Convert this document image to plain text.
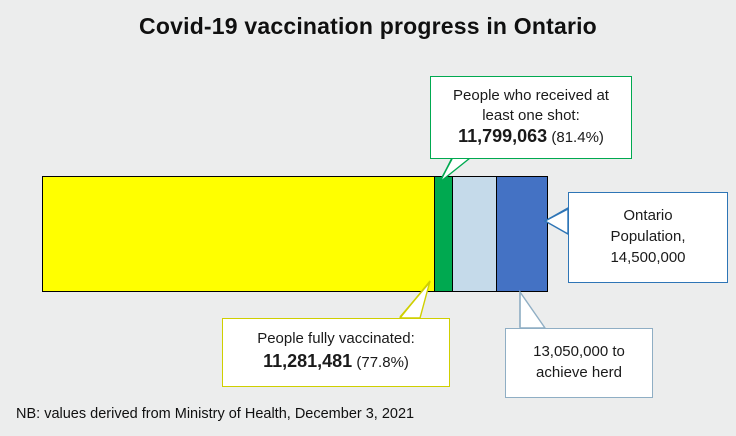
Covid-19 vaccination progress in Ontario
People who received at least one shot:
11,799,063 (81.4%)
People fully vaccinated:
11,281,481 (77.8%)
Ontario
Population,
14,500,000
13,050,000 to
achieve herd
NB: values derived from Ministry of Health, December 3, 2021
